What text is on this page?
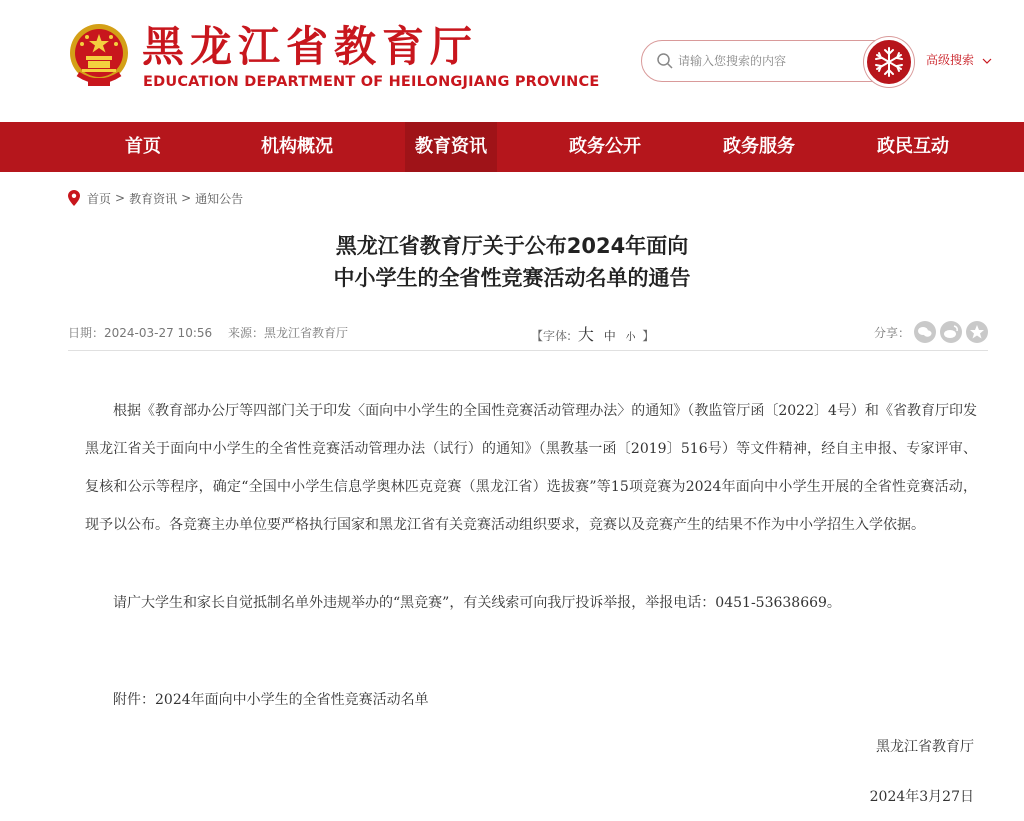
黑龙江省教育厅
EDUCATION DEPARTMENT OF HEILONGJIANG PROVINCE
请输入您搜索的内容
高级搜索
首页	机构概况	教育资讯	政务公开	政务服务	政民互动
首页 > 教育资讯 > 通知公告
黑龙江省教育厅关于公布2024年面向
中小学生的全省性竞赛活动名单的通告
日期：2024-03-27 10:56 来源：黑龙江省教育厅	【字体: 大 中 小 】	分享：

根据《教育部办公厅等四部门关于印发〈面向中小学生的全国性竞赛活动管理办法〉的通知》（教监管厅函〔2022〕4号）和《省教育厅印发黑龙江省关于面向中小学生的全省性竞赛活动管理办法（试行）的通知》（黑教基一函〔2019〕516号）等文件精神，经自主申报、专家评审、复核和公示等程序，确定“全国中小学生信息学奥林匹克竞赛（黑龙江省）选拔赛”等15项竞赛为2024年面向中小学生开展的全省性竞赛活动，现予以公布。各竞赛主办单位要严格执行国家和黑龙江省有关竞赛活动组织要求，竞赛以及竞赛产生的结果不作为中小学招生入学依据。

请广大学生和家长自觉抵制名单外违规举办的“黑竞赛”，有关线索可向我厅投诉举报，举报电话：0451-53638669。
附件：2024年面向中小学生的全省性竞赛活动名单
黑龙江省教育厅
2024年3月27日
